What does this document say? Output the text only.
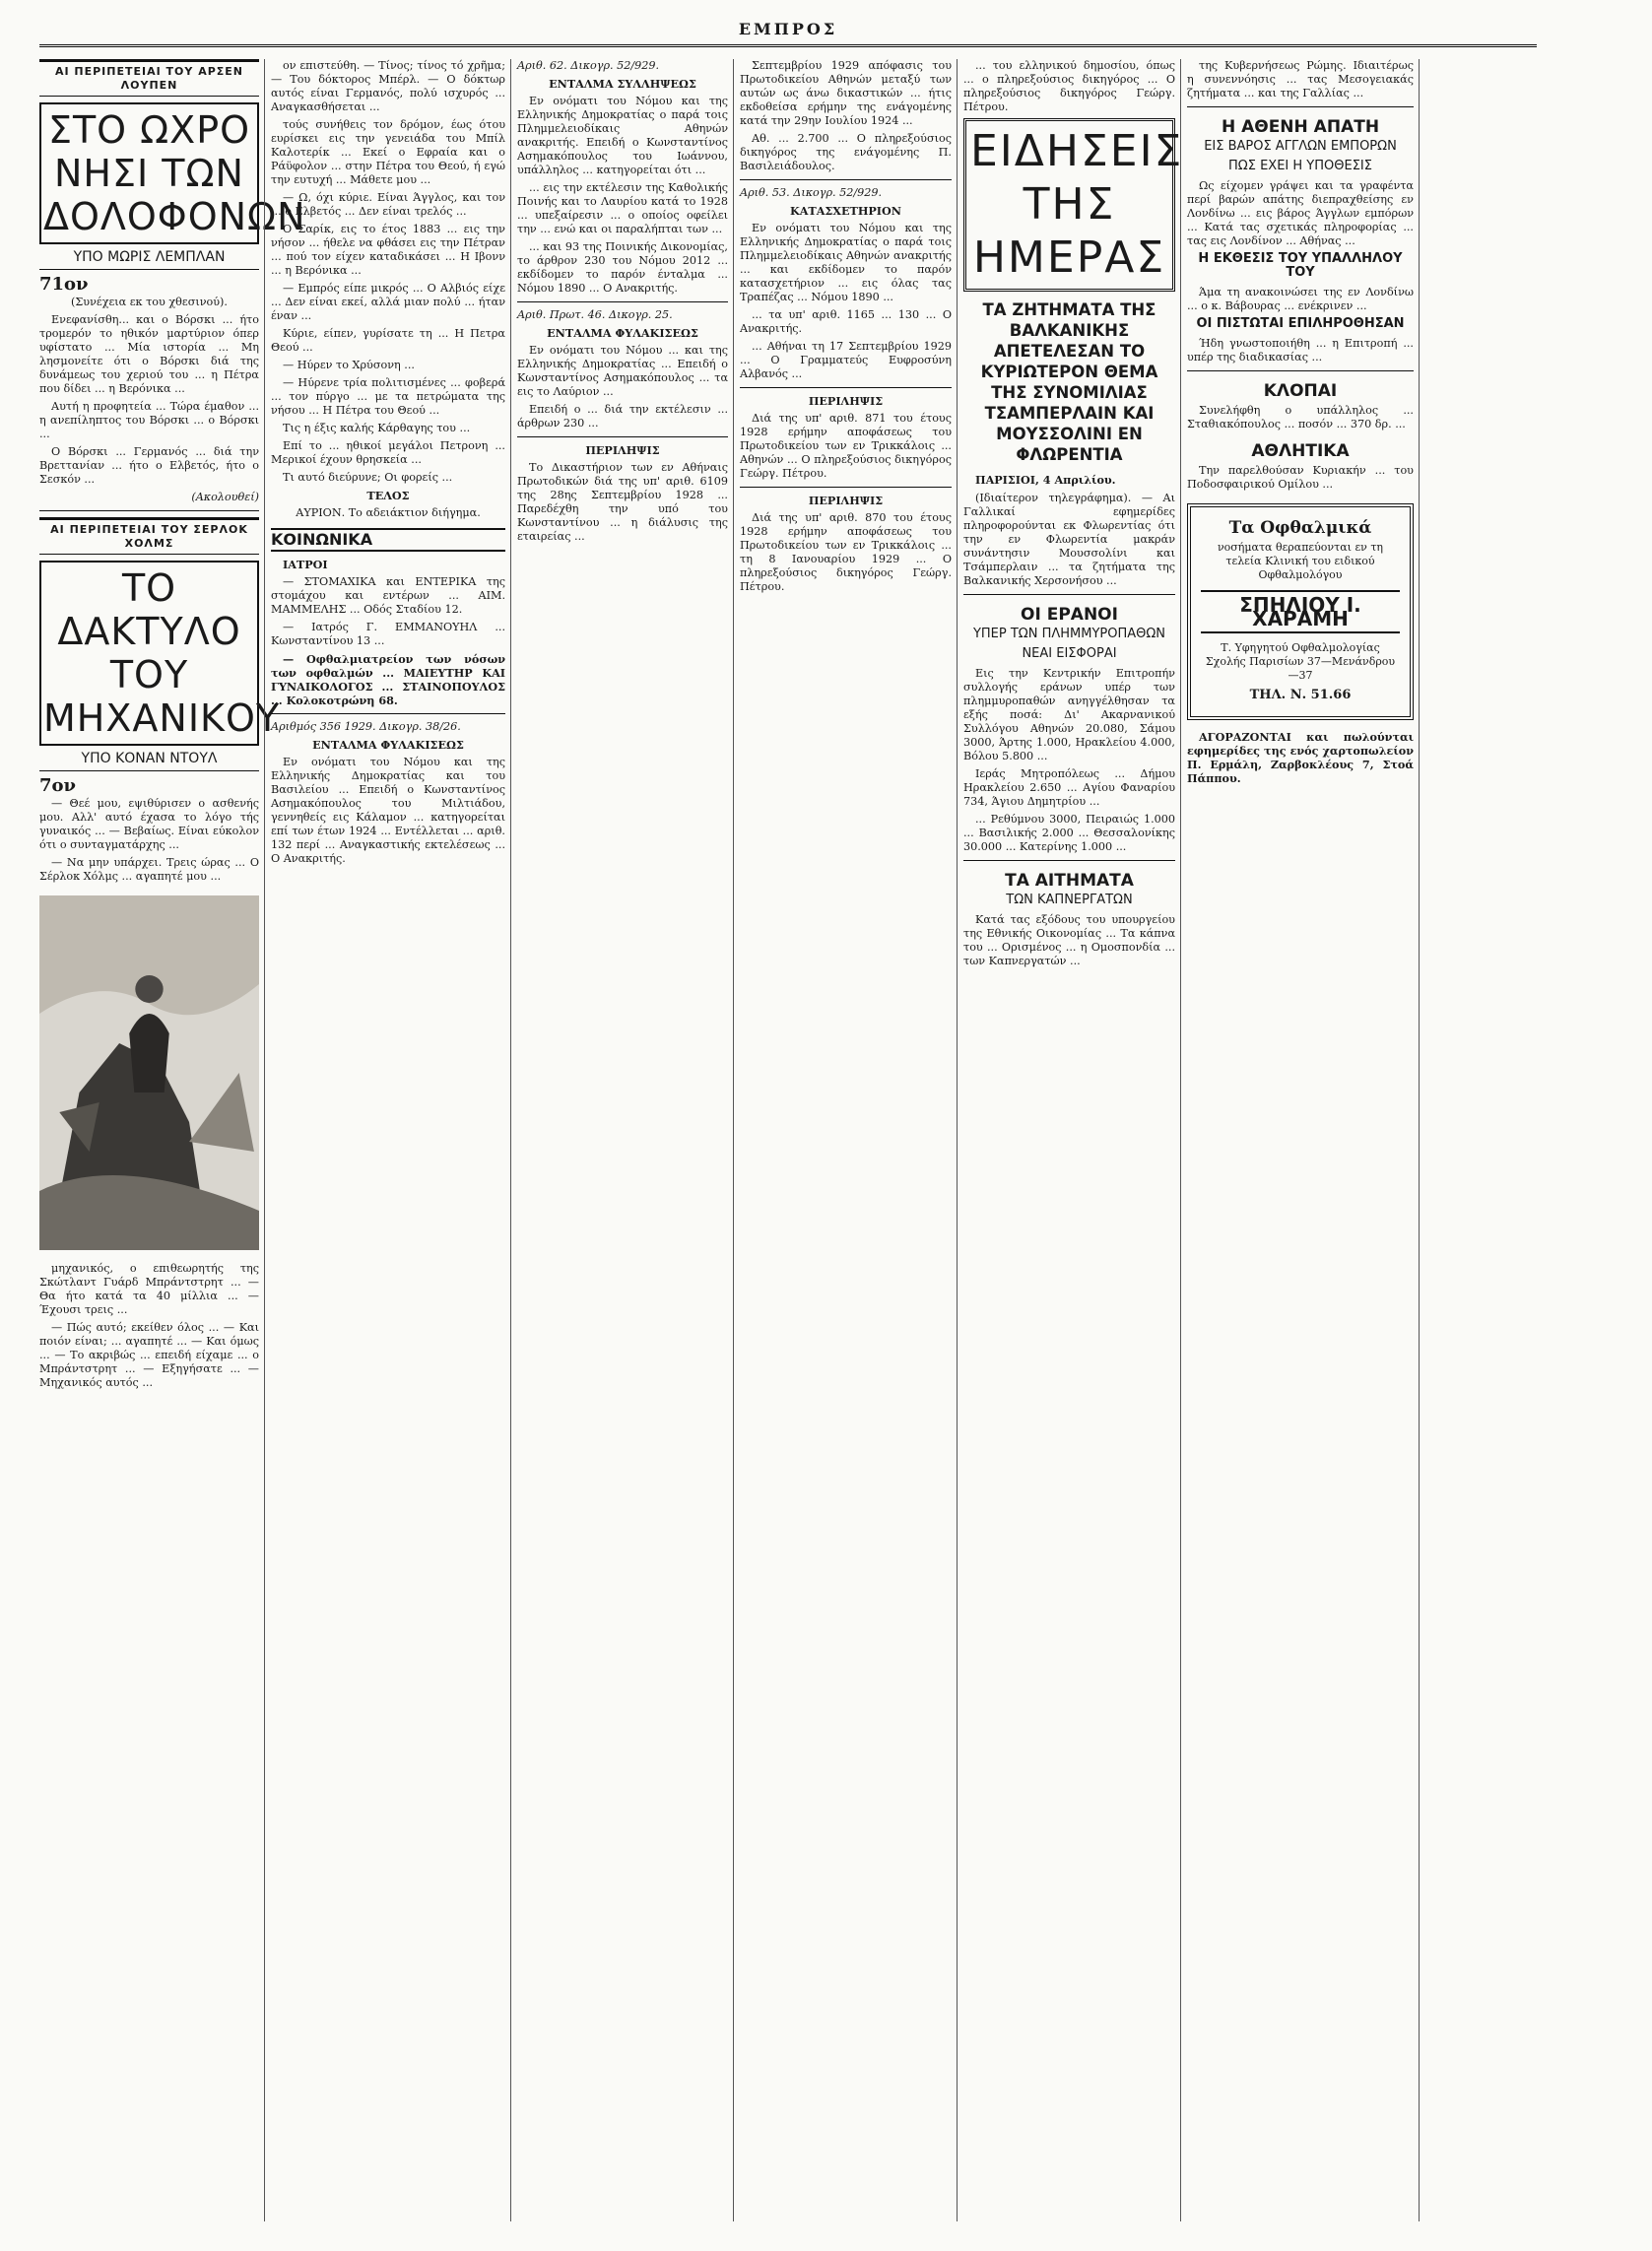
ΕΜΠΡΟΣ
ΑΙ ΠΕΡΙΠΕΤΕΙΑΙ ΤΟΥ ΑΡΣΕΝ ΛΟΥΠΕΝ
ΣΤΟ ΩΧΡΟ ΝΗΣΙ ΤΩΝ ΔΟΛΟΦΟΝΩΝ
ΥΠΟ ΜΩΡΙΣ ΛΕΜΠΛΑΝ
71ον

(Συνέχεια εκ του χθεσινού).

Ενεφανίσθη... και ο Βόρσκι ... ήτο τρομερόν το ηθικόν μαρτύριον όπερ υφίστατο ... Μία ιστορία ... Μη λησμονείτε ότι ο Βόρσκι διά της δυνάμεως του χεριού του ... η Πέτρα που δίδει ... η Βερόνικα ...

Αυτή η προφητεία ... Τώρα έμαθον ... η ανεπίληπτος του Βόρσκι ... ο Βόρσκι ...

Ο Βόρσκι ... Γερμανός ... διά την Βρεττανίαν ... ήτο ο Ελβετός, ήτο ο Σεσκόν ...

(Ακολουθεί)

ΑΙ ΠΕΡΙΠΕΤΕΙΑΙ ΤΟΥ ΣΕΡΛΟΚ ΧΟΛΜΣ
ΤΟ ΔΑΚΤΥΛΟ ΤΟΥ ΜΗΧΑΝΙΚΟΥ
ΥΠΟ ΚΟΝΑΝ ΝΤΟΥΛ
7ον

— Θεέ μου, εψιθύρισεν ο ασθενής μου. Αλλ' αυτό έχασα το λόγο τής γυναικός ... — Βεβαίως. Είναι εύκολον ότι ο συνταγματάρχης ...

— Να μην υπάρχει. Τρεις ώρας ... Ο Σέρλοκ Χόλμς ... αγαπητέ μου ...

μηχανικός, ο επιθεωρητής της Σκώτλαντ Γυάρδ Μπράντστρητ ... — Θα ήτο κατά τα 40 μίλλια ... — Έχουσι τρεις ...

— Πώς αυτό; εκείθεν όλος ... — Και ποιόν είναι; ... αγαπητέ ... — Και όμως ... — Το ακριβώς ... επειδή είχαμε ... ο Μπράντστρητ ... — Εξηγήσατε ... — Μηχανικός αυτός ...

ον επιστεύθη. — Τίνος; τίνος τό χρῆμα; — Του δόκτορος Μπέρλ. — Ο δόκτωρ αυτός είναι Γερμανός, πολύ ισχυρός ... Αναγκασθήσεται ...

τούς συνήθεις τον δρόμον, έως ότου ευρίσκει εις την γενειάδα του Μπίλ Καλοτερίκ ... Εκεί ο Εφραία και ο Ράϋφολον ... στην Πέτρα του Θεού, ή εγώ την ευτυχή ... Μάθετε μου ...

— Ω, όχι κύριε. Είναι Άγγλος, και τον ... ο Ελβετός ... Δεν είναι τρελός ...

Ο Σαρίκ, εις το έτος 1883 ... εις την νήσον ... ήθελε να φθάσει εις την Πέτραν ... πού τον είχεν καταδικάσει ... Η Ιβονν ... η Βερόνικα ...

— Εμπρός είπε μικρός ... Ο Αλβιός είχε ... Δεν είναι εκεί, αλλά μιαν πολύ ... ήταν έναν ...

Κύριε, είπεν, γυρίσατε τη ... Η Πετρα Θεού ...

— Ηύρεν το Χρύσονη ...

— Ηύρενε τρία πολιτισμένες ... φοβερά ... τον πύργο ... με τα πετρώματα της νήσου ... Η Πέτρα του Θεού ...

Τις η έξις καλής Κάρθαγης του ...

Επί το ... ηθικοί μεγάλοι Πετρονη ... Μερικοί έχουν θρησκεία ...

Τι αυτό διεύρυνε; Οι φορείς ...

ΤΕΛΟΣ

ΑΥΡΙΟΝ. Το αδειάκτιον διήγημα.

ΚΟΙΝΩΝΙΚΑ

ΙΑΤΡΟΙ

— ΣΤΟΜΑΧΙΚΑ και ΕΝΤΕΡΙΚΑ της στομάχου και εντέρων ... ΑΙΜ. ΜΑΜΜΕΛΗΣ ... Οδός Σταδίου 12.

— Ιατρός Γ. ΕΜΜΑΝΟΥΗΛ ... Κωνσταντίνου 13 ...

— Οφθαλμιατρείον των νόσων των οφθαλμών ... ΜΑΙΕΥΤΗΡ ΚΑΙ ΓΥΝΑΙΚΟΛΟΓΟΣ ... ΣΤΑΙΝΟΠΟΥΛΟΣ ... Κολοκοτρώνη 68.

Αριθμός 356 1929. Δικογρ. 38/26.

ΕΝΤΑΛΜΑ ΦΥΛΑΚΙΣΕΩΣ

Εν ονόματι του Νόμου και της Ελληνικής Δημοκρατίας και του Βασιλείου ... Επειδή ο Κωνσταντίνος Ασημακόπουλος του Μιλτιάδου, γεννηθείς εις Κάλαμον ... κατηγορείται επί των έτων 1924 ... Εντέλλεται ... αριθ. 132 περί ... Αναγκαστικής εκτελέσεως ... Ο Ανακριτής.

Αριθ. 62. Δικογρ. 52/929.

ΕΝΤΑΛΜΑ ΣΥΛΛΗΨΕΩΣ

Εν ονόματι του Νόμου και της Ελληνικής Δημοκρατίας ο παρά τοις Πλημμελειοδίκαις Αθηνών ανακριτής. Επειδή ο Κωνσταντίνος Ασημακόπουλος του Ιωάννου, υπάλληλος ... κατηγορείται ότι ...

... εις την εκτέλεσιν της Καθολικής Ποινής και το Λαυρίου κατά το 1928 ... υπεξαίρεσιν ... ο οποίος οφείλει την ... ενώ και οι παραλήπται των ...

... και 93 της Ποινικής Δικονομίας, το άρθρον 230 του Νόμου 2012 ... εκδίδομεν το παρόν ένταλμα ... Νόμου 1890 ... Ο Ανακριτής.

Αριθ. Πρωτ. 46. Δικογρ. 25.

ΕΝΤΑΛΜΑ ΦΥΛΑΚΙΣΕΩΣ

Εν ονόματι του Νόμου ... και της Ελληνικής Δημοκρατίας ... Επειδή ο Κωνσταντίνος Ασημακόπουλος ... τα εις το Λαύριον ...

Επειδή ο ... διά την εκτέλεσιν ... άρθρων 230 ...

ΠΕΡΙΛΗΨΙΣ

Το Δικαστήριον των εν Αθήναις Πρωτοδικών διά της υπ' αριθ. 6109 της 28ης Σεπτεμβρίου 1928 ... Παρεδέχθη την υπό του Κωνσταντίνου ... η διάλυσις της εταιρείας ...

Σεπτεμβρίου 1929 απόφασις του Πρωτοδικείου Αθηνών μεταξύ των αυτών ως άνω δικαστικών ... ήτις εκδοθείσα ερήμην της ενάγομένης κατά την 29ην Ιουλίου 1924 ...

Αθ. ... 2.700 ... Ο πληρεξούσιος δικηγόρος της ενάγομένης Π. Βασιλειάδουλος.

Αριθ. 53. Δικογρ. 52/929.

ΚΑΤΑΣΧΕΤΗΡΙΟΝ

Εν ονόματι του Νόμου και της Ελληνικής Δημοκρατίας ο παρά τοις Πλημμελειοδίκαις Αθηνών ανακριτής ... και εκδίδομεν το παρόν κατασχετήριον ... εις όλας τας Τραπέζας ... Νόμου 1890 ...

... τα υπ' αριθ. 1165 ... 130 ... Ο Ανακριτής.

... Αθήναι τη 17 Σεπτεμβρίου 1929 ... Ο Γραμματεύς Ευφροσύνη Αλβανός ...

ΠΕΡΙΛΗΨΙΣ

Διά της υπ' αριθ. 871 του έτους 1928 ερήμην αποφάσεως του Πρωτοδικείου των εν Τρικκάλοις ... Αθηνών ... Ο πληρεξούσιος δικηγόρος Γεώργ. Πέτρου.

ΠΕΡΙΛΗΨΙΣ

Διά της υπ' αριθ. 870 του έτους 1928 ερήμην αποφάσεως του Πρωτοδικείου των εν Τρικκάλοις ... τη 8 Ιανουαρίου 1929 ... Ο πληρεξούσιος δικηγόρος Γεώργ. Πέτρου.

... του ελληνικού δημοσίου, όπως ... ο πληρεξούσιος δικηγόρος ... Ο πληρεξούσιος δικηγόρος Γεώργ. Πέτρου.

ΕΙΔΗΣΕΙΣ ΤΗΣ ΗΜΕΡΑΣ
ΤΑ ΖΗΤΗΜΑΤΑ ΤΗΣ ΒΑΛΚΑΝΙΚΗΣ ΑΠΕΤΕΛΕΣΑΝ ΤΟ ΚΥΡΙΩΤΕΡΟΝ ΘΕΜΑ ΤΗΣ ΣΥΝΟΜΙΛΙΑΣ ΤΣΑΜΠΕΡΛΑΙΝ ΚΑΙ ΜΟΥΣΣΟΛΙΝΙ ΕΝ ΦΛΩΡΕΝΤΙΑ

ΠΑΡΙΣΙΟΙ, 4 Απριλίου.

(Ιδιαίτερον τηλεγράφημα). — Αι Γαλλικαί εφημερίδες πληροφορούνται εκ Φλωρεντίας ότι την εν Φλωρεντία μακράν συνάντησιν Μουσσολίνι και Τσάμπερλαιν ... τα ζητήματα της Βαλκανικής Χερσονήσου ...

ΟΙ ΕΡΑΝΟΙ
ΥΠΕΡ ΤΩΝ ΠΛΗΜΜΥΡΟΠΑΘΩΝ
ΝΕΑΙ ΕΙΣΦΟΡΑΙ

Εις την Κεντρικήν Επιτροπήν συλλογής εράνων υπέρ των πλημμυροπαθών ανηγγέλθησαν τα εξής ποσά: Δι' Ακαρνανικού Συλλόγου Αθηνών 20.080, Σάμου 3000, Άρτης 1.000, Ηρακλείου 4.000, Βόλου 5.800 ...

Ιεράς Μητροπόλεως ... Δήμου Ηρακλείου 2.650 ... Αγίου Φαναρίου 734, Άγιου Δημητρίου ...

... Ρεθύμνου 3000, Πειραιώς 1.000 ... Βασιλικής 2.000 ... Θεσσαλονίκης 30.000 ... Κατερίνης 1.000 ...

ΤΑ ΑΙΤΗΜΑΤΑ
ΤΩΝ ΚΑΠΝΕΡΓΑΤΩΝ

Κατά τας εξόδους του υπουργείου της Εθνικής Οικονομίας ... Τα κάπνα του ... Ορισμένος ... η Ομοσπονδία ... των Καπνεργατών ...

της Κυβερνήσεως Ρώμης. Ιδιαιτέρως η συνεννόησις ... τας Μεσογειακάς ζητήματα ... και της Γαλλίας ...

Η ΑΘΕΝΗ ΑΠΑΤΗ
ΕΙΣ ΒΑΡΟΣ ΑΓΓΛΩΝ ΕΜΠΟΡΩΝ
ΠΩΣ ΕΧΕΙ Η ΥΠΟΘΕΣΙΣ

Ως είχομεν γράψει και τα γραφέντα περί βαρών απάτης διεπραχθείσης εν Λονδίνω ... εις βάρος Άγγλων εμπόρων ... Κατά τας σχετικάς πληροφορίας ... τας εις Λονδίνον ... Αθήνας ...

Η ΕΚΘΕΣΙΣ ΤΟΥ ΥΠΑΛΛΗΛΟΥ ΤΟΥ

Άμα τη ανακοινώσει της εν Λονδίνω ... ο κ. Βάβουρας ... ενέκρινεν ...

ΟΙ ΠΙΣΤΩΤΑΙ ΕΠΙΛΗΡΟΘΗΣΑΝ

Ήδη γνωστοποιήθη ... η Επιτροπή ... υπέρ της διαδικασίας ...

ΚΛΟΠΑΙ

Συνελήφθη ο υπάλληλος ... Σταθιακόπουλος ... ποσόν ... 370 δρ. ...

ΑΘΛΗΤΙΚΑ

Την παρελθούσαν Κυριακήν ... του Ποδοσφαιρικού Ομίλου ...

Τα Οφθαλμικά
νοσήματα θεραπεύονται εν τη τελεία Κλινική του ειδικού Οφθαλμολόγου
ΣΠΗΛΙΟΥ Ι. ΧΑΡΑΜΗ
Τ. Υφηγητού Οφθαλμολογίας Σχολής Παρισίων 37—Μενάνδρου—37
ΤΗΛ. Ν. 51.66

ΑΓΟΡΑΖΟΝΤΑΙ και πωλούνται εφημερίδες της ενός χαρτοπωλείον Π. Ερμάλη, Ζαρβοκλέους 7, Στοά Πάππου.
